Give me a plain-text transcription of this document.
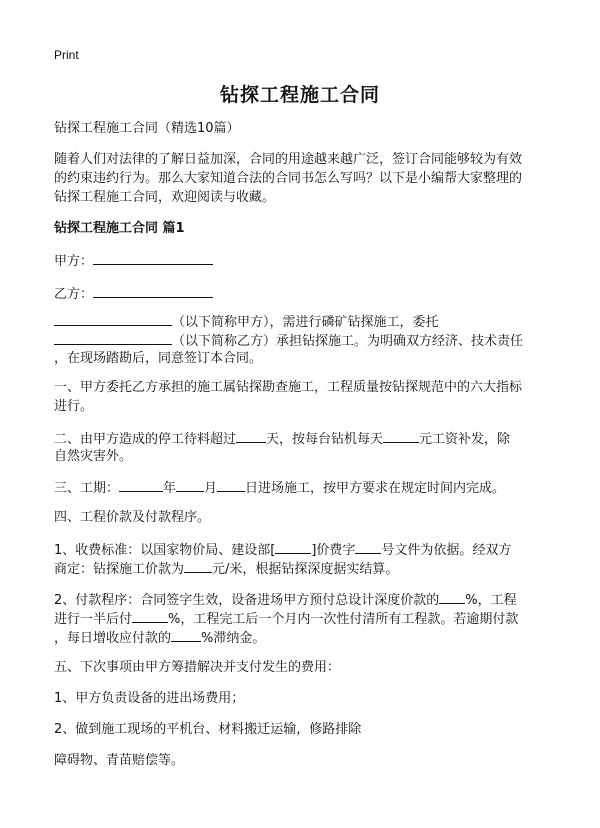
Print
钻探工程施工合同
钻探工程施工合同（精选10篇）
随着人们对法律的了解日益加深，合同的用途越来越广泛，签订合同能够较为有效
的约束违约行为。那么大家知道合法的合同书怎么写吗？以下是小编帮大家整理的
钻探工程施工合同，欢迎阅读与收藏。
钻探工程施工合同 篇1
甲方：
乙方：
（以下简称甲方），需进行磷矿钻探施工，委托
（以下简称乙方）承担钻探施工。为明确双方经济、技术责任
，在现场踏勘后，同意签订本合同。
一、甲方委托乙方承担的施工属钻探勘查施工，工程质量按钻探规范中的六大指标
进行。
二、由甲方造成的停工待料超过 天，按每台钻机每天	元工资补发，除
自然灾害外。
三、工期：	年 月 日进场施工，按甲方要求在规定时间内完成。
四、工程价款及付款程序。
1、收费标准：以国家物价局、建设部[	]价费字 号文件为依据。经双方
商定：钻探施工价款为 元/米，根据钻探深度据实结算。
2、付款程序：合同签字生效，设备进场甲方预付总设计深度价款的 %，工程
进行一半后付	%，工程完工后一个月内一次性付清所有工程款。若逾期付款
，每日增收应付款的 %滞纳金。
五、下次事项由甲方筹措解决并支付发生的费用：
1、甲方负责设备的进出场费用；
2、做到施工现场的平机台、材料搬迁运输，修路排除
障碍物、青苗赔偿等。
